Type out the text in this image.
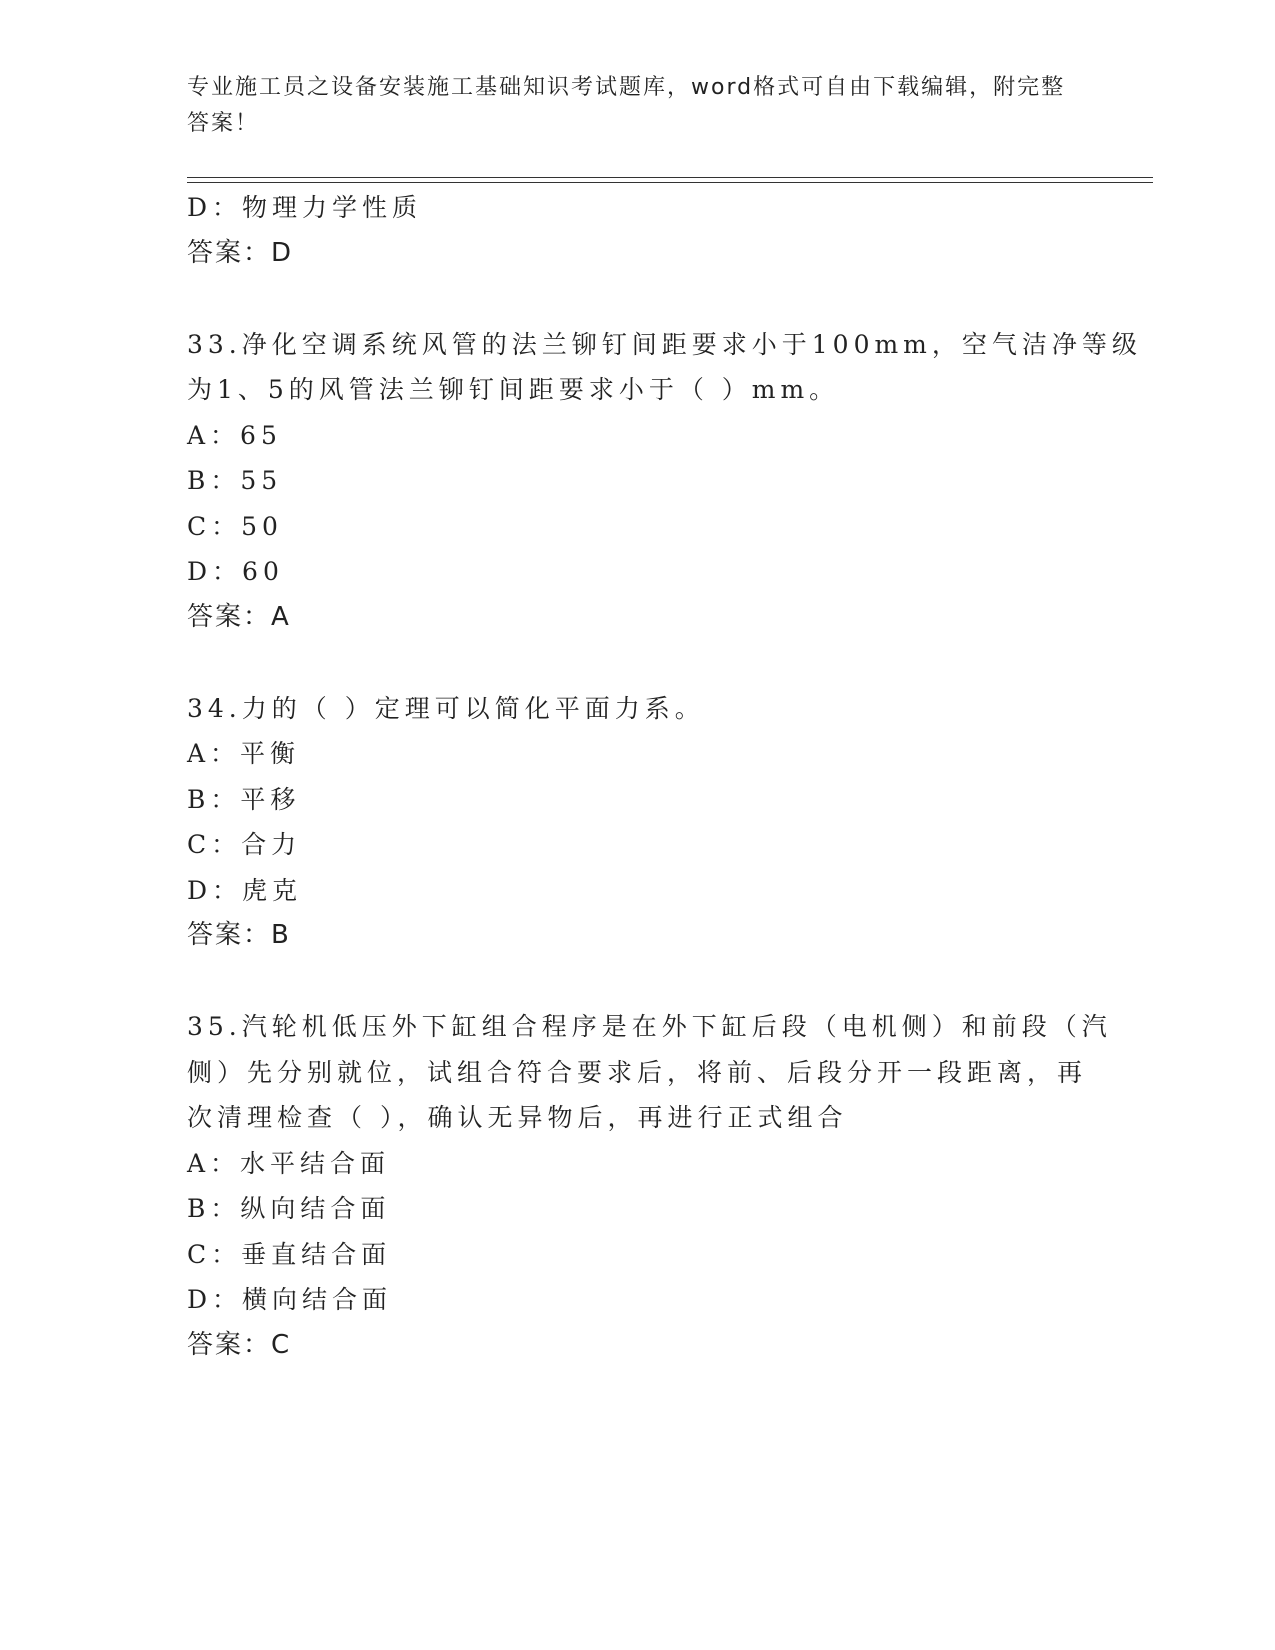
专业施工员之设备安装施工基础知识考试题库，word格式可自由下载编辑，附完整答案！
D：物理力学性质
答案：D
33.净化空调系统风管的法兰铆钉间距要求小于100mm，空气洁净等级
为1、5的风管法兰铆钉间距要求小于（ ）mm。
A：65
B：55
C：50
D：60
答案：A
34.力的（ ）定理可以简化平面力系。
A：平衡
B：平移
C：合力
D：虎克
答案：B
35.汽轮机低压外下缸组合程序是在外下缸后段（电机侧）和前段（汽
侧）先分别就位，试组合符合要求后，将前、后段分开一段距离，再
次清理检查（ ），确认无异物后，再进行正式组合
A：水平结合面
B：纵向结合面
C：垂直结合面
D：横向结合面
答案：C
